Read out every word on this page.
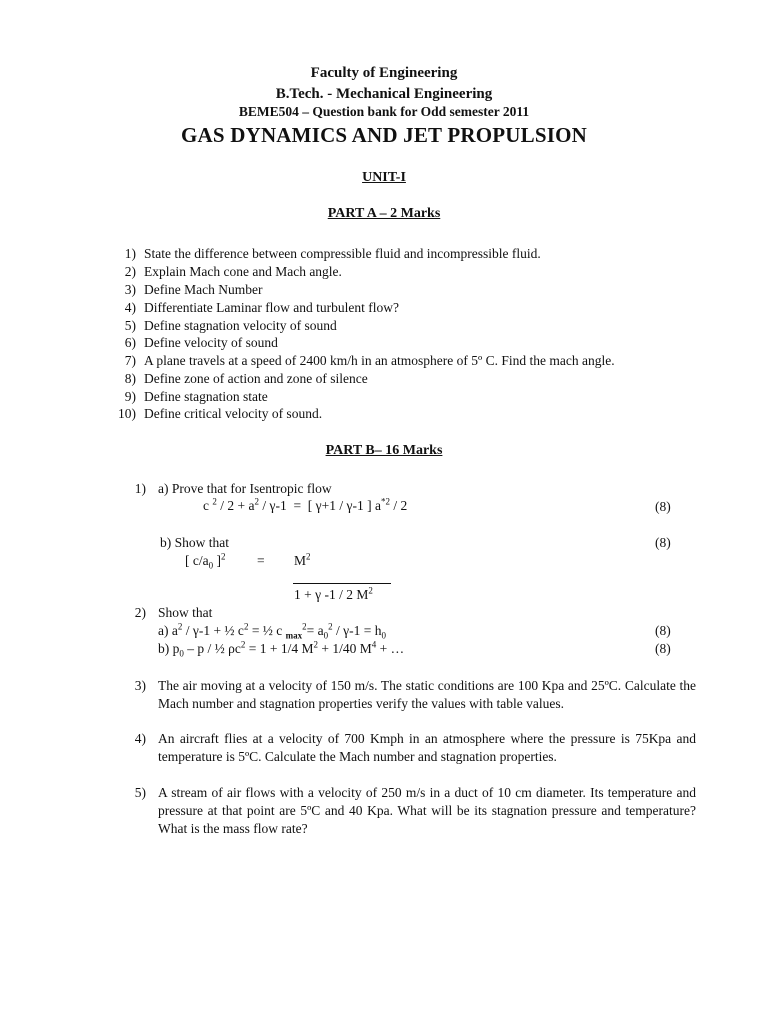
Faculty of Engineering
B.Tech. - Mechanical Engineering
BEME504 – Question bank for Odd semester 2011
GAS DYNAMICS AND JET PROPULSION
UNIT-I
PART A – 2 Marks
1) State the difference between compressible fluid and incompressible fluid.
2) Explain Mach cone and Mach angle.
3) Define Mach Number
4) Differentiate Laminar flow and turbulent flow?
5) Define stagnation velocity of sound
6) Define velocity of sound
7) A plane travels at a speed of 2400 km/h in an atmosphere of 5º C. Find the mach angle.
8) Define zone of action and zone of silence
9) Define stagnation state
10) Define critical velocity of sound.
PART B– 16 Marks
1) a) Prove that for Isentropic flow
c $^2 / 2 + a^2 / \gamma-1$  =  [ γ+1 / γ-1 ] $a^{*2} / 2$	(8)
b) Show that	(8)
[ $c/a_0$ ]$^2 = M^2$
1 + γ -1 / 2 $M^2$
2) Show that
a) $a^2 / \gamma-1$ + ½ $c^2$ = ½ c $_{max}^2= a_0^2 / \gamma-1 = h_0$	(8)
b) $p_0$ – p / ½ $\rho c^2 = 1 + 1/4$ $M^2 + 1/40$ $M^4$ + …	(8)
3) The air moving at a velocity of 150 m/s. The static conditions are 100 Kpa and 25ºC. Calculate the Mach number and stagnation properties verify the values with table values.
4) An aircraft flies at a velocity of 700 Kmph in an atmosphere where the pressure is 75Kpa and temperature is 5ºC. Calculate the Mach number and stagnation properties.
5) A stream of air flows with a velocity of 250 m/s in a duct of 10 cm diameter. Its temperature and pressure at that point are 5ºC and 40 Kpa. What will be its stagnation pressure and temperature? What is the mass flow rate?
